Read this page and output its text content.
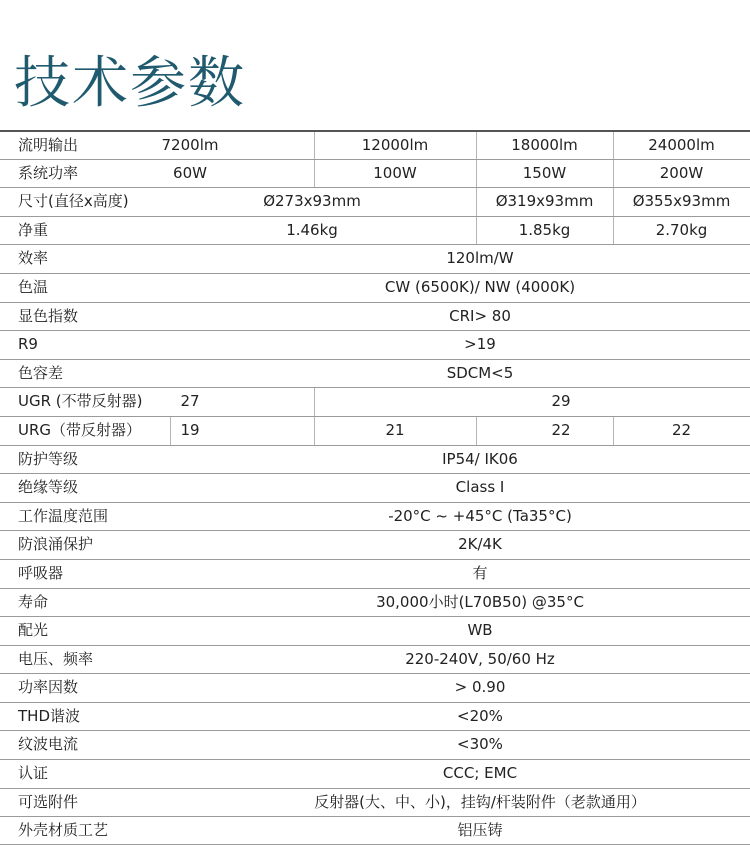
技术参数
流明输出	7200lm	12000lm	18000lm	24000lm
系统功率	60W	100W	150W	200W
尺寸(直径x高度)	Ø273x93mm	Ø319x93mm	Ø355x93mm
净重	1.46kg	1.85kg	2.70kg
效率	120lm/W
色温	CW (6500K)/ NW (4000K)
显色指数	CRI> 80
R9	>19
色容差	SDCM<5
UGR (不带反射器)	27	29
URG（带反射器）	19	21	22	22
防护等级	IP54/ IK06
绝缘等级	Class I
工作温度范围	-20°C ~ +45°C (Ta35°C)
防浪涌保护	2K/4K
呼吸器	有
寿命	30,000小时(L70B50) @35°C
配光	WB
电压、频率	220-240V, 50/60 Hz
功率因数	> 0.90
THD谐波	<20%
纹波电流	<30%
认证	CCC; EMC
可选附件	反射器(大、中、小)，挂钩/杆装附件（老款通用）
外壳材质工艺	铝压铸
